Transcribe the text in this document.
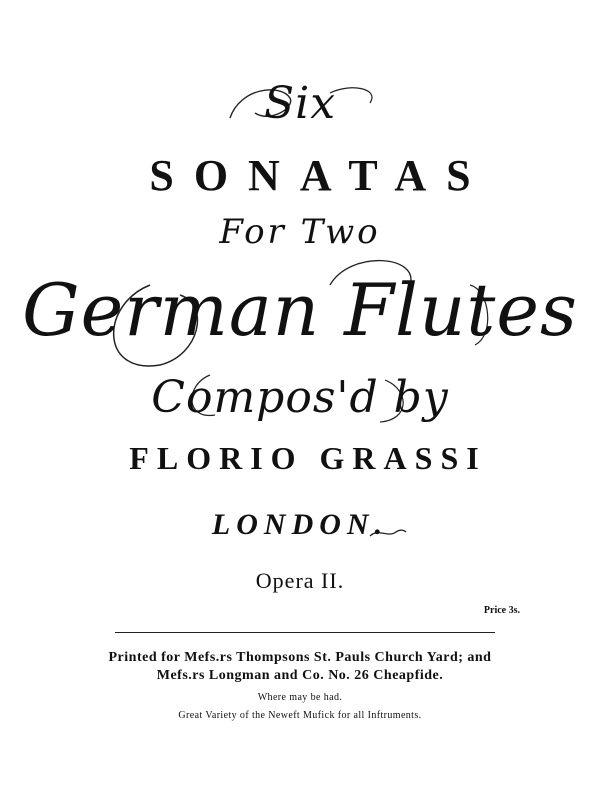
Six
SONATAS
For Two
German Flutes
Compos'd by
FLORIO GRASSI
LONDON.
Opera II.
Price 3s.
Printed for Mefs.rs Thompsons St. Pauls Church Yard; and
Mefs.rs Longman and Co. No. 26 Cheapfide.
Where may be had.
Great Variety of the Neweft Mufick for all Inftruments.
